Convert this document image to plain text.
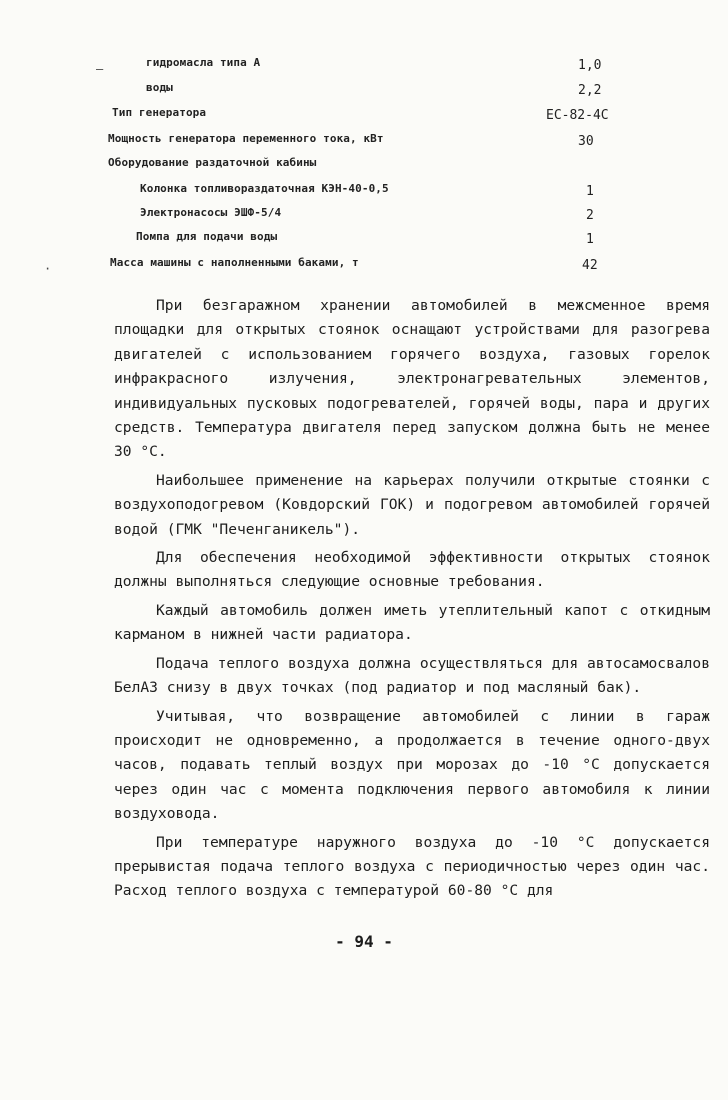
–	гидромасла типа А	1,0
воды	2,2
Тип генератора	ЕС-82-4С
Мощность генератора переменного тока, кВт	30
Оборудование раздаточной кабины
Колонка топливораздаточная КЭН-40-0,5	1
Электронасосы ЭШФ-5/4	2
Помпа для подачи воды	1
Масса машины с наполненными баками, т	42
·

При безгаражном хранении автомобилей в межсменное время площадки для открытых стоянок оснащают устройствами для разогрева двигателей с использованием горячего воздуха, газовых горелок инфракрасного излучения, электронагревательных элементов, индивидуальных пусковых подогревателей, горячей воды, пара и других средств. Температура двигателя перед запуском должна быть не менее 30 °С.

Наибольшее применение на карьерах получили открытые стоянки с воздухоподогревом (Ковдорский ГОК) и подогревом автомобилей горячей водой (ГМК "Печенганикель").

Для обеспечения необходимой эффективности открытых стоянок должны выполняться следующие основные требования.

Каждый автомобиль должен иметь утеплительный капот с откидным карманом в нижней части радиатора.

Подача теплого воздуха должна осуществляться для автосамосвалов БелАЗ снизу в двух точках (под радиатор и под масляный бак).

Учитывая, что возвращение автомобилей с линии в гараж происходит не одновременно, а продолжается в течение одного-двух часов, подавать теплый воздух при морозах до -10 °С допускается через один час с момента подключения первого автомобиля к линии воздуховода.

При температуре наружного воздуха до -10 °С допускается прерывистая подача теплого воздуха с периодичностью через один час. Расход теплого воздуха с температурой 60-80 °С для

- 94 -
